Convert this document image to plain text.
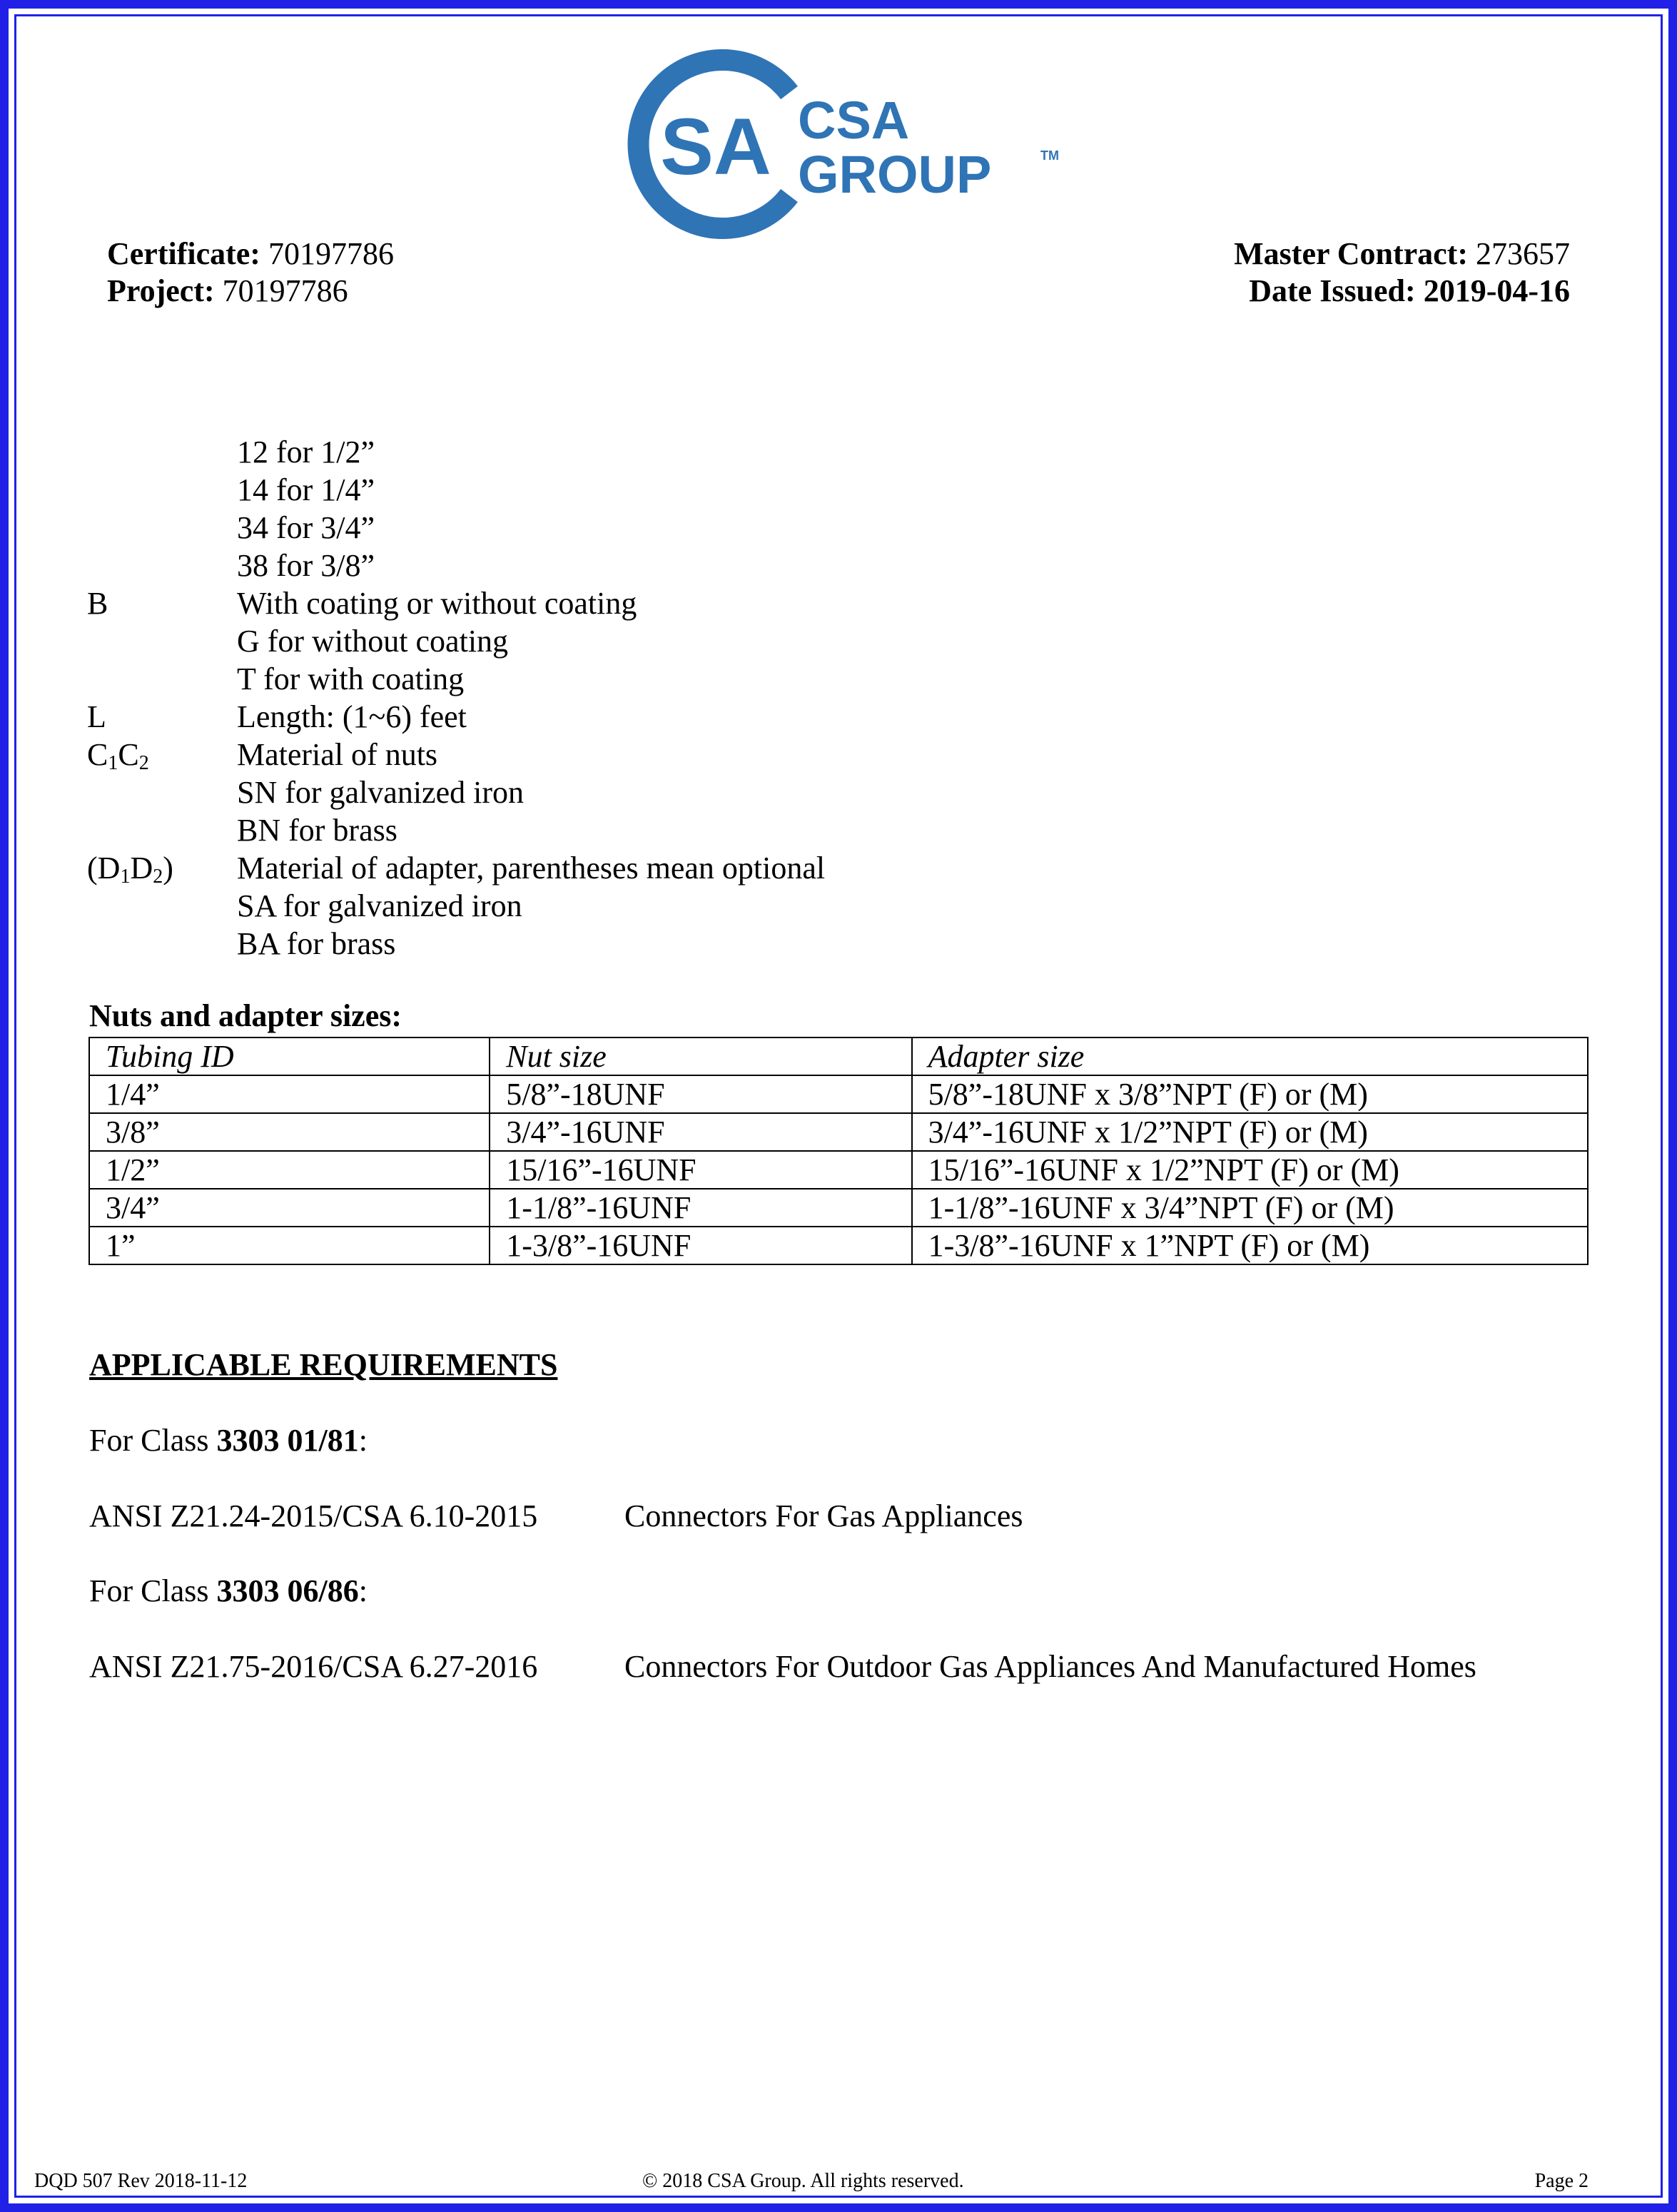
SA CSA
GROUP	TM
Certificate: 70197786
Project: 70197786
Master Contract: 273657
Date Issued: 2019-04-16
12 for 1/2”
14 for 1/4”
34 for 3/4”
38 for 3/8”
B	With coating or without coating
G for without coating
T for with coating
L	Length: (1~6) feet
$C_1C_2$	Material of nuts
SN for galvanized iron
BN for brass
$(D_1D_2)$ Material of adapter, parentheses mean optional
SA for galvanized iron
BA for brass
Nuts and adapter sizes:
Tubing ID	Nut size	Adapter size
1/4”	5/8”-18UNF	5/8”-18UNF x 3/8”NPT (F) or (M)
3/8”	3/4”-16UNF	3/4”-16UNF x 1/2”NPT (F) or (M)
1/2”	15/16”-16UNF	15/16”-16UNF x 1/2”NPT (F) or (M)
3/4”	1-1/8”-16UNF	1-1/8”-16UNF x 3/4”NPT (F) or (M)
1”	1-3/8”-16UNF	1-3/8”-16UNF x 1”NPT (F) or (M)
APPLICABLE REQUIREMENTS
For Class 3303 01/81:
ANSI Z21.24-2015/CSA 6.10-2015	Connectors For Gas Appliances
For Class 3303 06/86:
ANSI Z21.75-2016/CSA 6.27-2016	Connectors For Outdoor Gas Appliances And Manufactured Homes
DQD 507 Rev 2018-11-12	© 2018 CSA Group. All rights reserved.	Page 2
